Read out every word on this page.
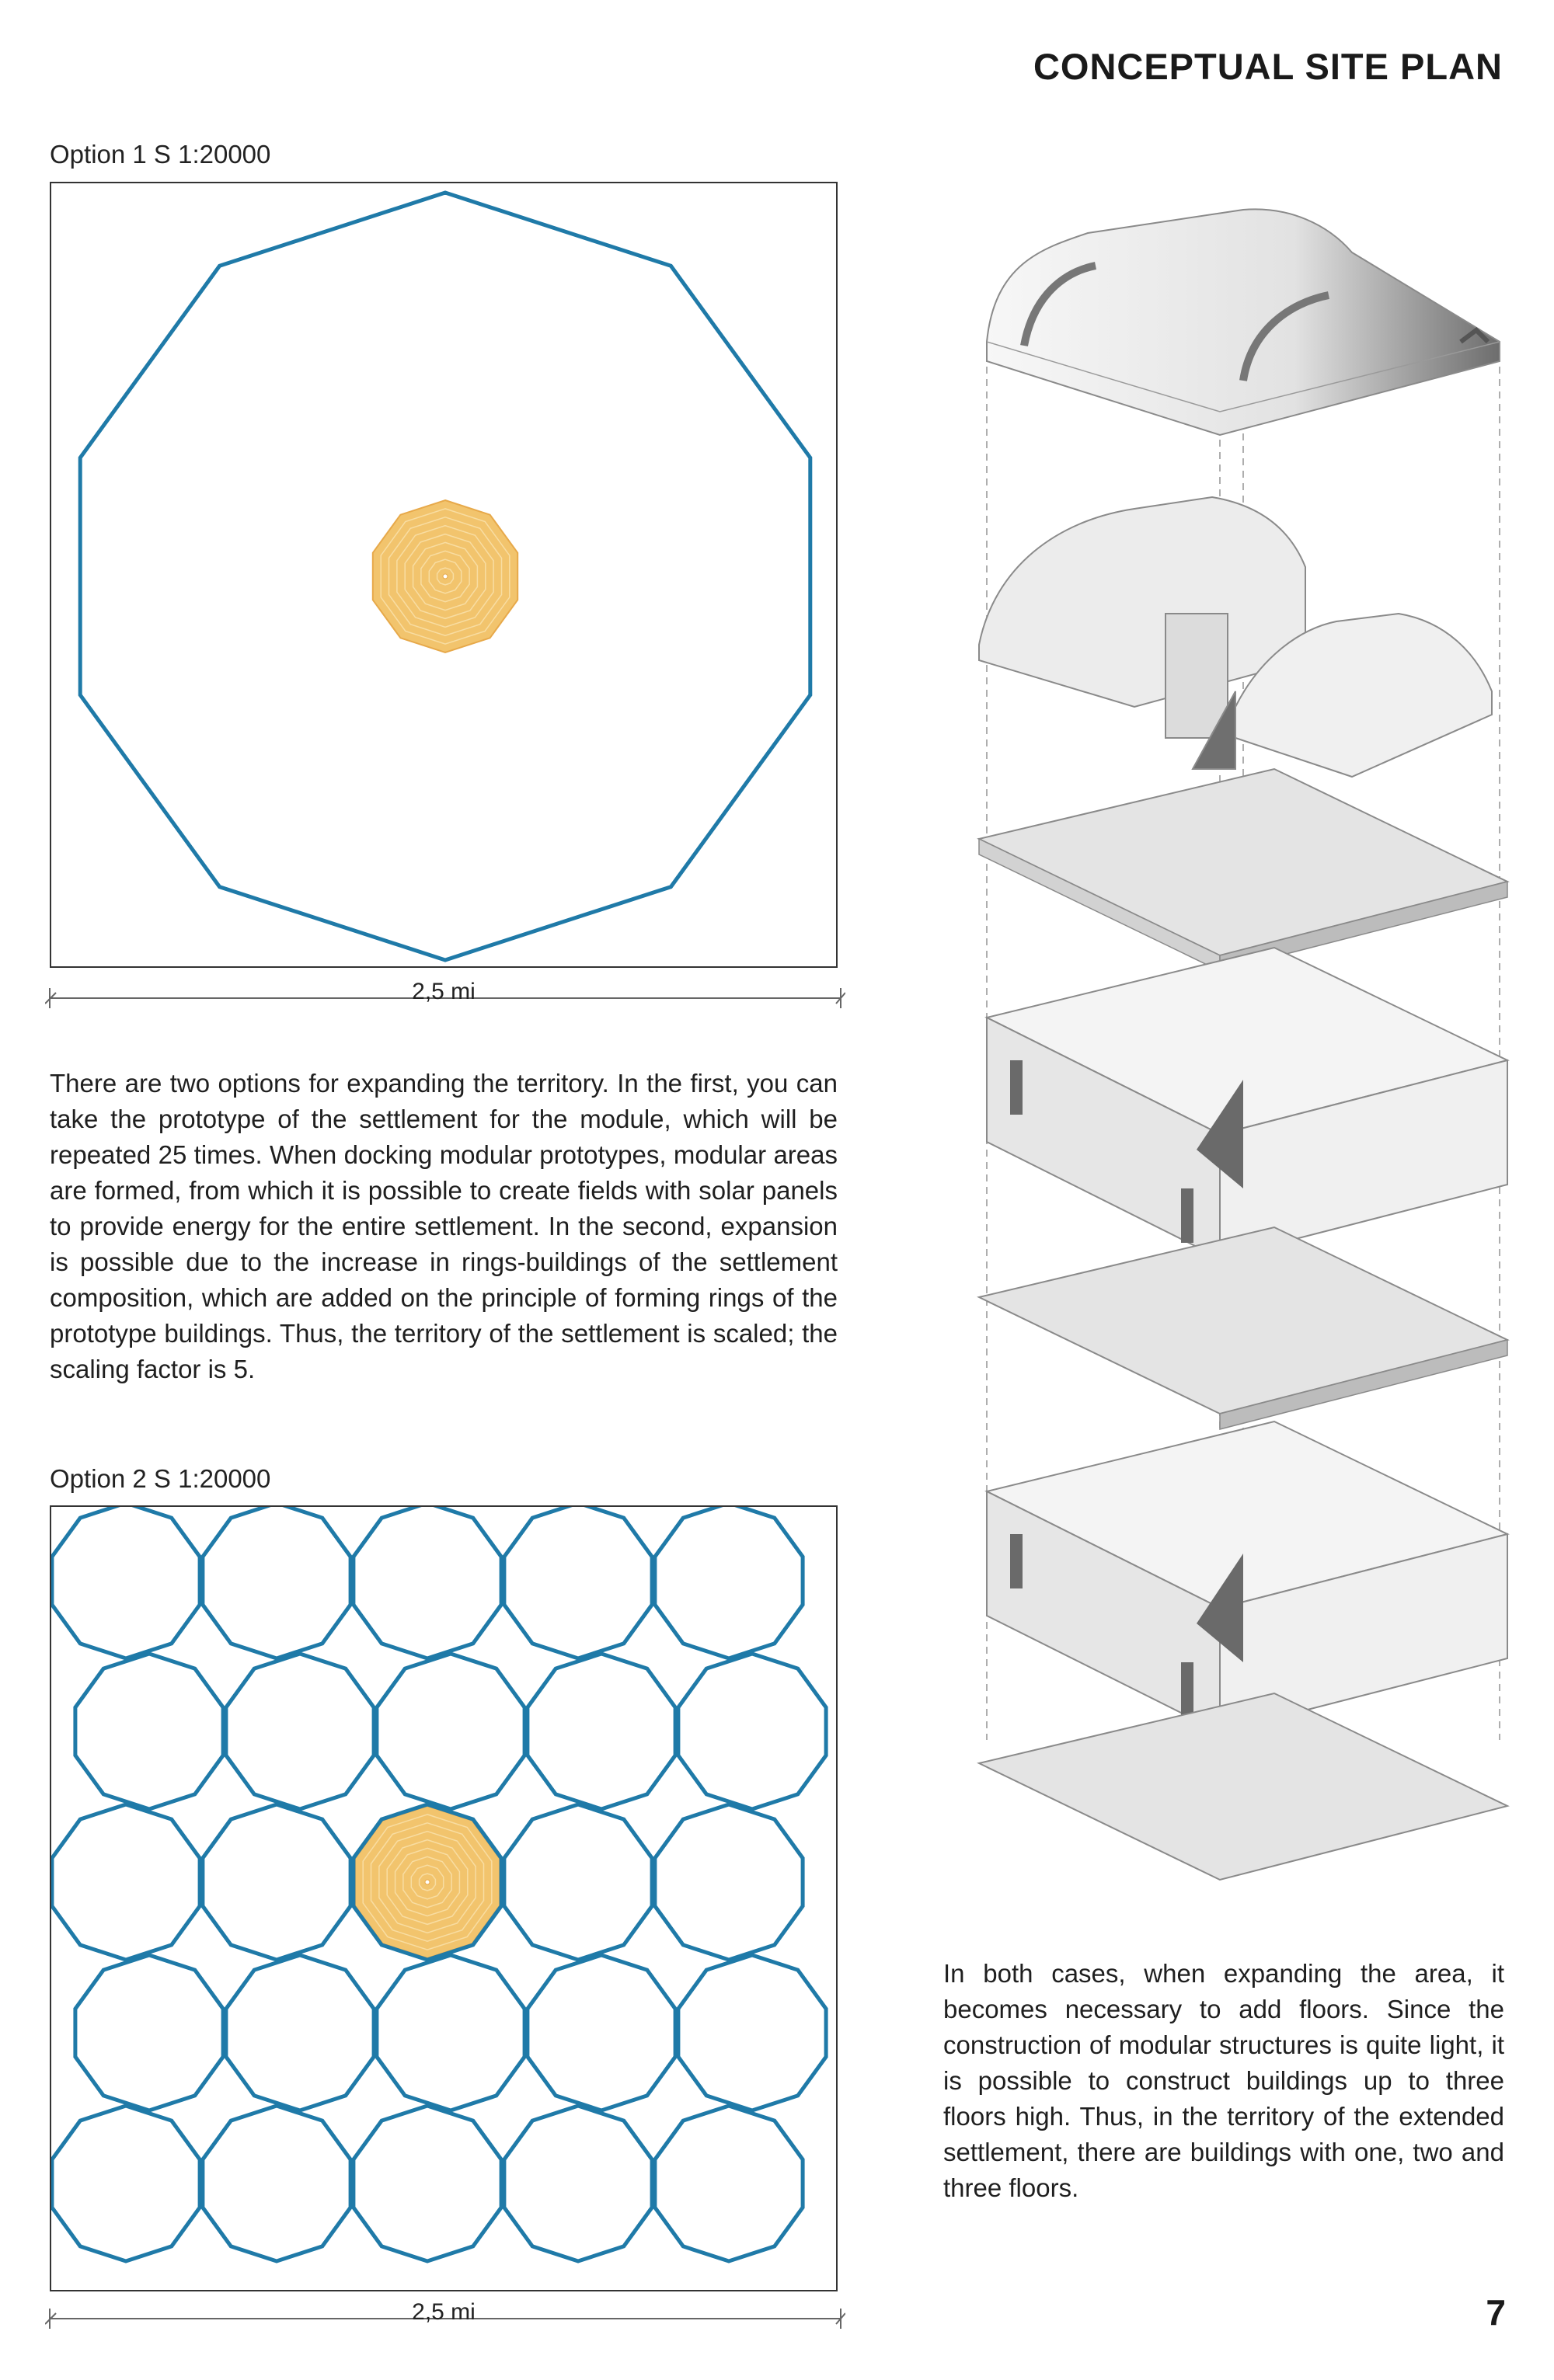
CONCEPTUAL SITE PLAN
Option 1 S 1:20000
2,5 mi

There are two options for expanding the territory. In the first, you can take the prototype of the settlement for the module, which will be repeated 25 times. When docking modular prototypes, modular areas are formed, from which it is possible to create fields with solar panels to provide energy for the entire settlement. In the second, expansion is possible due to the increase in rings-buildings of the settlement composition, which are added on the principle of forming rings of the prototype buildings. Thus, the territory of the settlement is scaled; the scaling factor is 5.

Option 2 S 1:20000
2,5 mi

In both cases, when expanding the area, it becomes necessary to add floors. Since the construction of modular structures is quite light, it is possible to construct buildings up to three floors high. Thus, in the territory of the extended settlement, there are buildings with one, two and three floors.

7
